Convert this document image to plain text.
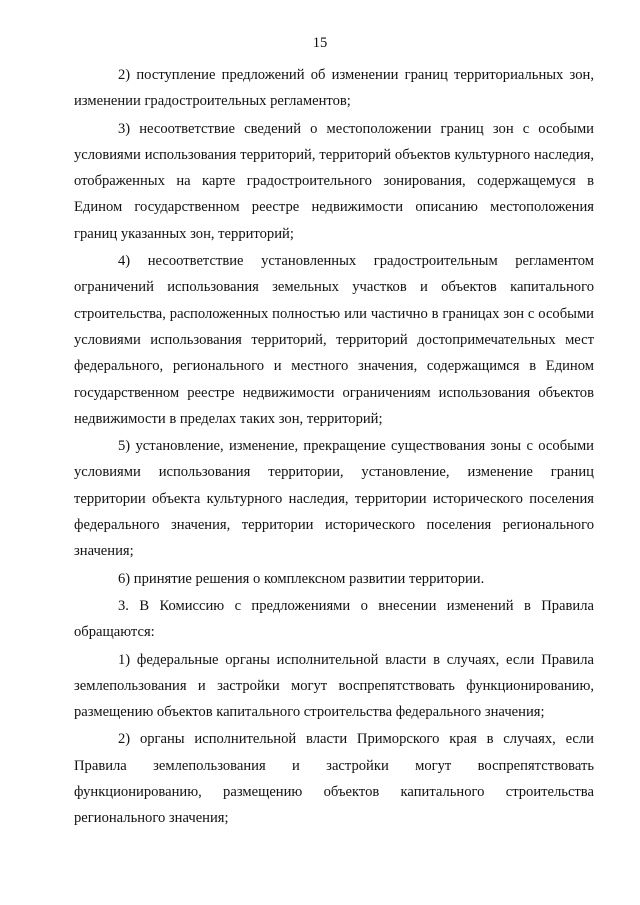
15

2) поступление предложений об изменении границ территориальных зон, изменении градостроительных регламентов;

3) несоответствие сведений о местоположении границ зон с особыми условиями использования территорий, территорий объектов культурного наследия, отображенных на карте градостроительного зонирования, содержащемуся в Едином государственном реестре недвижимости описанию местоположения границ указанных зон, территорий;

4) несоответствие установленных градостроительным регламентом ограничений использования земельных участков и объектов капитального строительства, расположенных полностью или частично в границах зон с особыми условиями использования территорий, территорий достопримечательных мест федерального, регионального и местного значения, содержащимся в Едином государственном реестре недвижимости ограничениям использования объектов недвижимости в пределах таких зон, территорий;

5) установление, изменение, прекращение существования зоны с особыми условиями использования территории, установление, изменение границ территории объекта культурного наследия, территории исторического поселения федерального значения, территории исторического поселения регионального значения;

6) принятие решения о комплексном развитии территории.

3. В Комиссию с предложениями о внесении изменений в Правила обращаются:

1) федеральные органы исполнительной власти в случаях, если Правила землепользования и застройки могут воспрепятствовать функционированию, размещению объектов капитального строительства федерального значения;

2) органы исполнительной власти Приморского края в случаях, если Правила землепользования и застройки могут воспрепятствовать функционированию, размещению объектов капитального строительства регионального значения;
